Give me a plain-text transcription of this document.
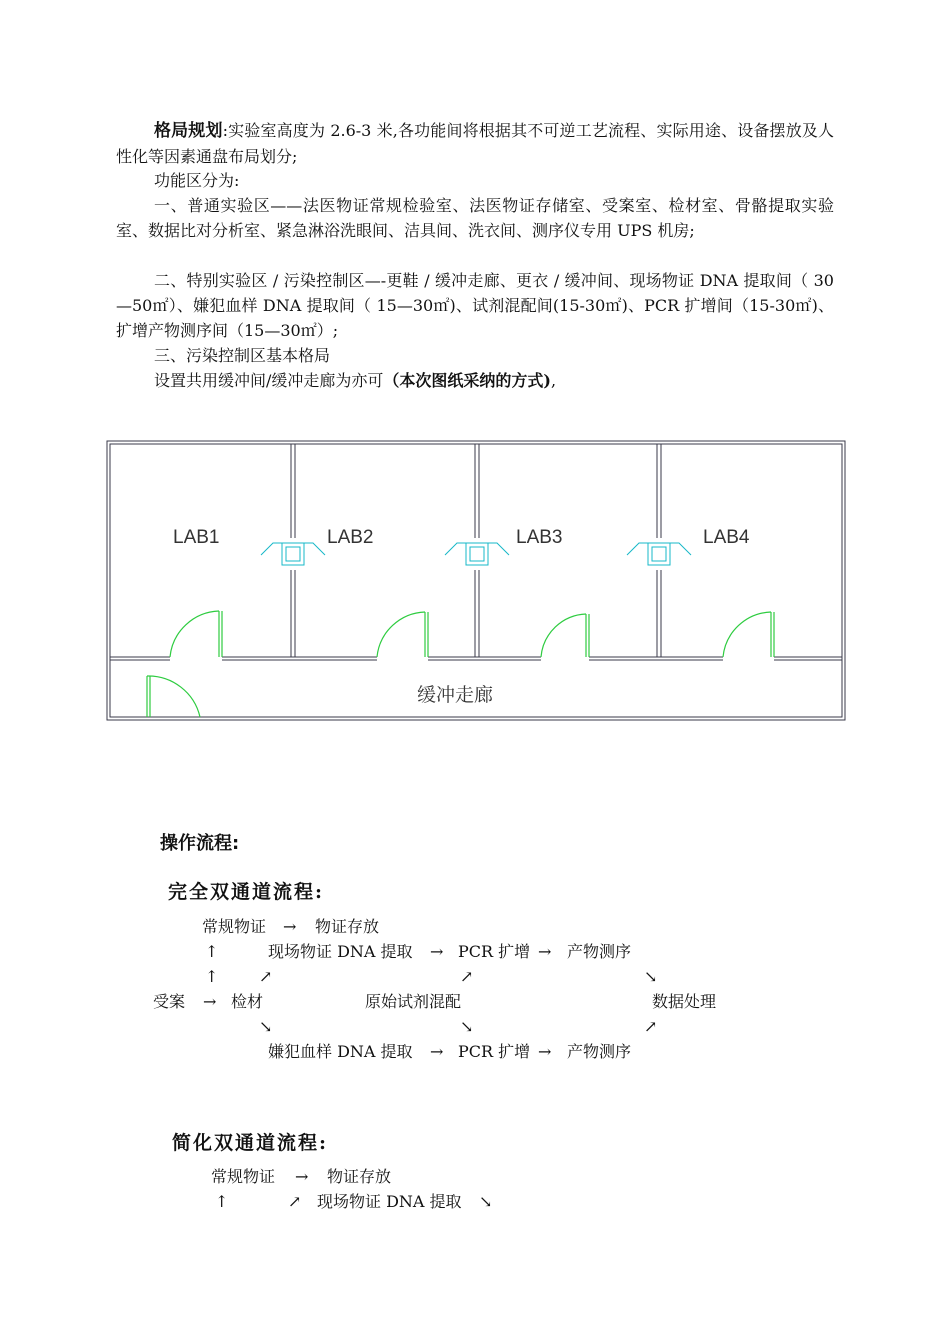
格局规划:实验室高度为 2.6-3 米,各功能间将根据其不可逆工艺流程、实际用途、设备摆放及人性化等因素通盘布局划分;

功能区分为:

一、普通实验区——法医物证常规检验室、法医物证存储室、受案室、检材室、骨骼提取实验室、数据比对分析室、紧急淋浴洗眼间、洁具间、洗衣间、测序仪专用 UPS 机房;

二、特别实验区 / 污染控制区—-更鞋 / 缓冲走廊、更衣 / 缓冲间、现场物证 DNA 提取间（ 30—50㎡）、嫌犯血样 DNA 提取间（ 15—30㎡)、试剂混配间(15-30㎡)、PCR 扩增间（15-30㎡)、扩增产物测序间（15—30㎡）;

三、污染控制区基本格局

设置共用缓冲间/缓冲走廊为亦可（本次图纸采纳的方式),

LAB1	LAB2	LAB3	LAB4
缓冲走廊
操作流程:
完全双通道流程:
常规物证 → 物证存放
↑	现场物证 DNA 提取 → PCR 扩增 → 产物测序
↑	↗	↗	↘
受案 → 检材	原始试剂混配	数据处理
↘	↘	↗
嫌犯血样 DNA 提取 → PCR 扩增 → 产物测序
简化双通道流程:
常规物证 → 物证存放
↑	↗ 现场物证 DNA 提取 ↘
